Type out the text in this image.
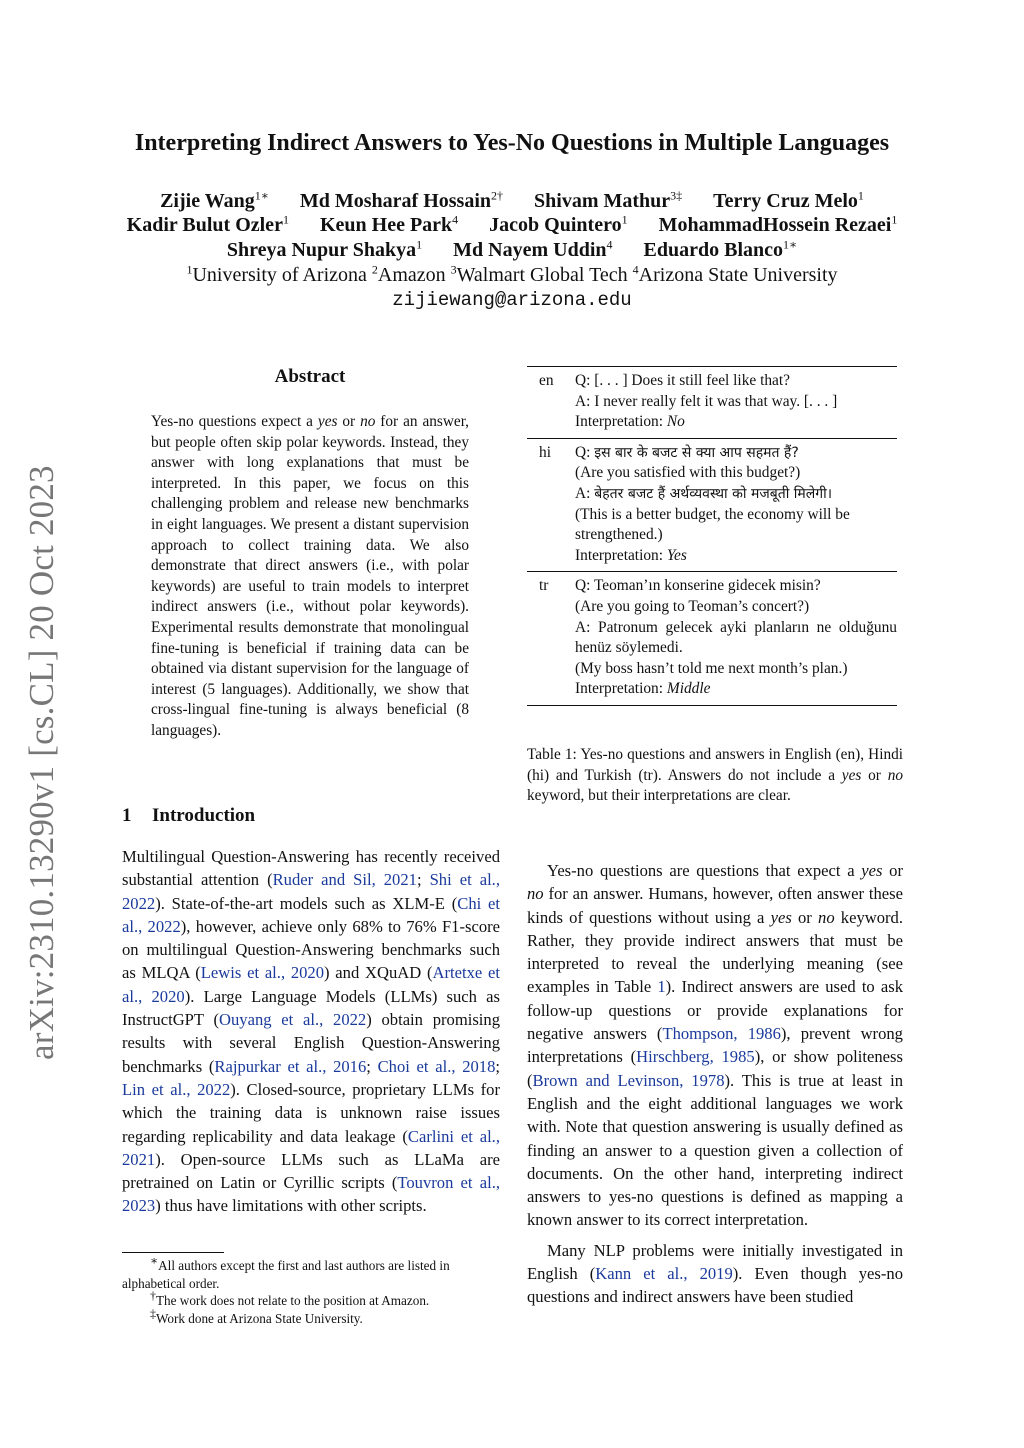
arXiv:2310.13290v1 [cs.CL] 20 Oct 2023
Interpreting Indirect Answers to Yes-No Questions in Multiple Languages
Zijie Wang$^{1∗}$ Md Mosharaf Hossain$^{2\dagger}$ Shivam Mathur$^{3\ddagger}$ Terry Cruz Melo$^1$
Kadir Bulut Ozler$^1$ Keun Hee Park$^4$ Jacob Quintero$^1$ MohammadHossein Rezaei$^1$
Shreya Nupur Shakya$^1$ Md Nayem Uddin$^4$ Eduardo Blanco$^{1∗}$
$^1$University of Arizona $^2$Amazon $^3$Walmart Global Tech $^4$Arizona State University
zijiewang@arizona.edu
Abstract
Yes-no questions expect a yes or no for an answer, but people often skip polar keywords. Instead, they answer with long explanations that must be interpreted. In this paper, we focus on this challenging problem and release new benchmarks in eight languages. We present a distant supervision approach to collect training data. We also demonstrate that direct answers (i.e., with polar keywords) are useful to train models to interpret indirect answers (i.e., without polar keywords). Experimental results demonstrate that monolingual fine-tuning is beneficial if training data can be obtained via distant supervision for the language of interest (5 languages). Additionally, we show that cross-lingual fine-tuning is always beneficial (8 languages).
1 Introduction
Multilingual Question-Answering has recently received substantial attention (Ruder and Sil, 2021; Shi et al., 2022). State-of-the-art models such as XLM-E (Chi et al., 2022), however, achieve only 68% to 76% F1-score on multilingual Question-Answering benchmarks such as MLQA (Lewis et al., 2020) and XQuAD (Artetxe et al., 2020). Large Language Models (LLMs) such as InstructGPT (Ouyang et al., 2022) obtain promising results with several English Question-Answering benchmarks (Rajpurkar et al., 2016; Choi et al., 2018; Lin et al., 2022). Closed-source, proprietary LLMs for which the training data is unknown raise issues regarding replicability and data leakage (Carlini et al., 2021). Open-source LLMs such as LLaMa are pretrained on Latin or Cyrillic scripts (Touvron et al., 2023) thus have limitations with other scripts.

∗All authors except the first and last authors are listed in alphabetical order.

†The work does not relate to the position at Amazon.

‡Work done at Arizona State University.

en	Q: [. . . ] Does it still feel like that?
A: I never really felt it was that way. [. . . ]
Interpretation: No
hi	Q: इस बार के बजट से क्या आप सहमत हैं?
(Are you satisfied with this budget?)
A: बेहतर बजट हैं अर्थव्यवस्था को मजबूती मिलेगी।
(This is a better budget, the economy will be strengthened.)
Interpretation: Yes
tr	Q: Teoman’ın konserine gidecek misin?
(Are you going to Teoman’s concert?)
A: Patronum gelecek ayki planların ne olduğunu henüz söylemedi.
(My boss hasn’t told me next month’s plan.)
Interpretation: Middle
Table 1: Yes-no questions and answers in English (en), Hindi (hi) and Turkish (tr). Answers do not include a yes or no keyword, but their interpretations are clear.

Yes-no questions are questions that expect a yes or no for an answer. Humans, however, often answer these kinds of questions without using a yes or no keyword. Rather, they provide indirect answers that must be interpreted to reveal the underlying meaning (see examples in Table 1). Indirect answers are used to ask follow-up questions or provide explanations for negative answers (Thompson, 1986), prevent wrong interpretations (Hirschberg, 1985), or show politeness (Brown and Levinson, 1978). This is true at least in English and the eight additional languages we work with. Note that question answering is usually defined as finding an answer to a question given a collection of documents. On the other hand, interpreting indirect answers to yes-no questions is defined as mapping a known answer to its correct interpretation.

Many NLP problems were initially investigated in English (Kann et al., 2019). Even though yes-no questions and indirect answers have been studied
